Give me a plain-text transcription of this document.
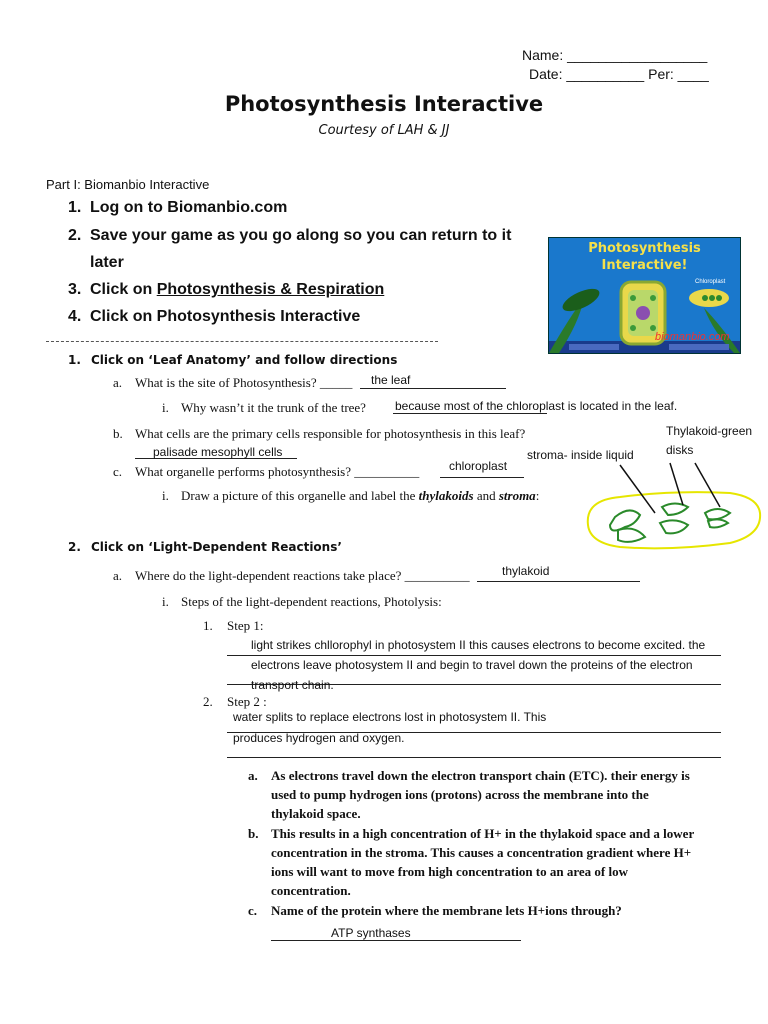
Name: __________________
Date: __________ Per: ____
Photosynthesis Interactive
Courtesy of LAH & JJ
Part I: Biomanbio Interactive
1. Log on to Biomanbio.com
2. Save your game as you go along so you can return to it
later
3. Click on Photosynthesis & Respiration
4. Click on Photosynthesis Interactive
Photosynthesis
Interactive!
Chloroplast
biomanbio.com
1. Click on ‘Leaf Anatomy’ and follow directions
a. What is the site of Photosynthesis? _____ the leaf
i. Why wasn’t it the trunk of the tree? because most of the chloroplast is located in the leaf.
b. What cells are the primary cells responsible for photosynthesis in this leaf?
palisade mesophyll cells
c. What organelle performs photosynthesis? __________ chloroplast
i. Draw a picture of this organelle and label the thylakoids and stroma:
stroma- inside liquid
Thylakoid-green
disks
2. Click on ‘Light-Dependent Reactions’
a. Where do the light-dependent reactions take place? __________	thylakoid
i. Steps of the light-dependent reactions, Photolysis:
1. Step 1:
light strikes chllorophyl in photosystem II this causes electrons to become excited. the
electrons leave photosystem II and begin to travel down the proteins of the electron
transport chain.
2. Step 2 :
water splits to replace electrons lost in photosystem II. This
produces hydrogen and oxygen.
a. As electrons travel down the electron transport chain (ETC). their energy is
used to pump hydrogen ions (protons) across the membrane into the
thylakoid space.
b. This results in a high concentration of H+ in the thylakoid space and a lower
concentration in the stroma. This causes a concentration gradient where H+
ions will want to move from high concentration to an area of low
concentration.
c. Name of the protein where the membrane lets H+ions through?
ATP synthases
